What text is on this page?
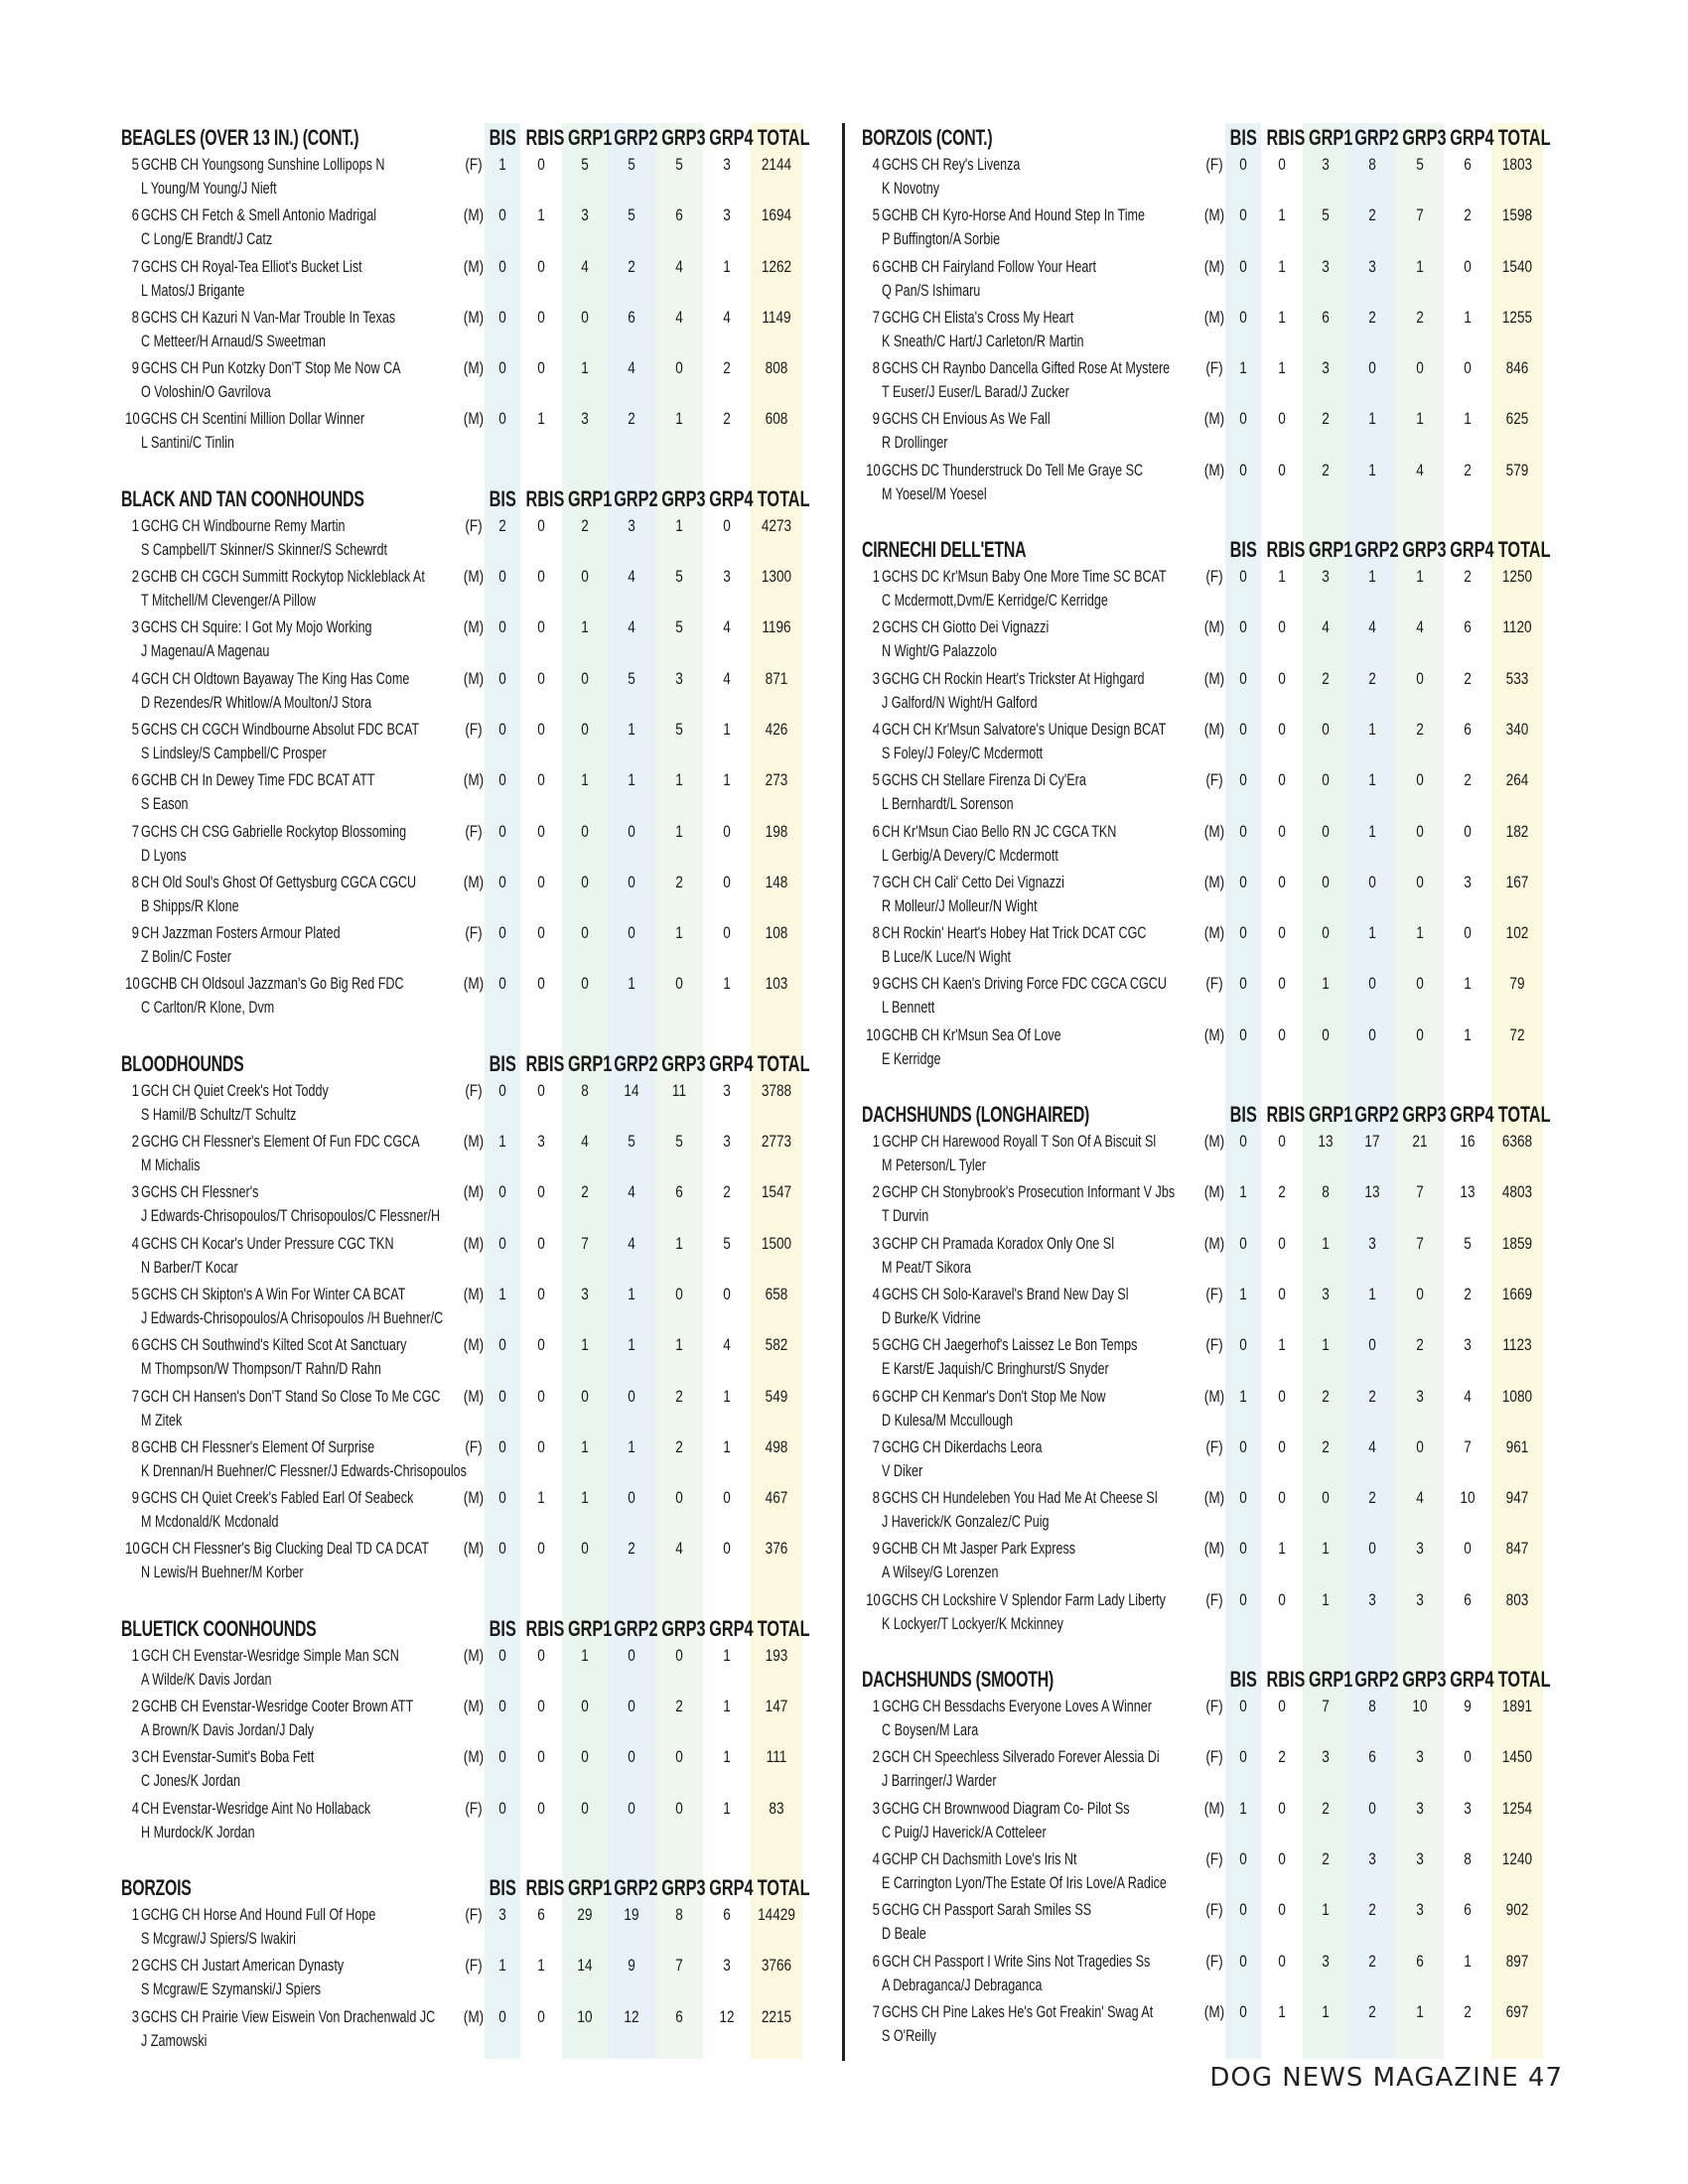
BEAGLES (OVER 13 IN.) (CONT.)	BIS RBIS GRP1 GRP2 GRP3 GRP4 TOTAL
5 GCHB CH Youngsong Sunshine Lollipops N
L Young/M Young/J Nieft
(F) 1	0	5	5	5	3	2144
6 GCHS CH Fetch & Smell Antonio Madrigal
C Long/E Brandt/J Catz
(M) 0	1	3	5	6	3	1694
7 GCHS CH Royal-Tea Elliot's Bucket List
L Matos/J Brigante
(M) 0	0	4	2	4	1	1262
8 GCHS CH Kazuri N Van-Mar Trouble In Texas
C Metteer/H Arnaud/S Sweetman
(M) 0	0	0	6	4	4	1149
9 GCHS CH Pun Kotzky Don'T Stop Me Now CA
O Voloshin/O Gavrilova
(M) 0	0	1	4	0	2	808
10 GCHS CH Scentini Million Dollar Winner
L Santini/C Tinlin
(M) 0	1	3	2	1	2	608
BLACK AND TAN COONHOUNDS	BIS RBIS GRP1 GRP2 GRP3 GRP4 TOTAL
1 GCHG CH Windbourne Remy Martin
S Campbell/T Skinner/S Skinner/S Schewrdt
(F) 2	0	2	3	1	0	4273
2 GCHB CH CGCH Summitt Rockytop Nickleblack At
T Mitchell/M Clevenger/A Pillow
(M) 0	0	0	4	5	3	1300
3 GCHS CH Squire: I Got My Mojo Working
J Magenau/A Magenau
(M) 0	0	1	4	5	4	1196
4 GCH CH Oldtown Bayaway The King Has Come
D Rezendes/R Whitlow/A Moulton/J Stora
(M) 0	0	0	5	3	4	871
5 GCHS CH CGCH Windbourne Absolut FDC BCAT
S Lindsley/S Campbell/C Prosper
(F) 0	0	0	1	5	1	426
6 GCHB CH In Dewey Time FDC BCAT ATT
S Eason
(M) 0	0	1	1	1	1	273
7 GCHS CH CSG Gabrielle Rockytop Blossoming
D Lyons
(F) 0	0	0	0	1	0	198
8 CH Old Soul's Ghost Of Gettysburg CGCA CGCU
B Shipps/R Klone
(M) 0	0	0	0	2	0	148
9 CH Jazzman Fosters Armour Plated
Z Bolin/C Foster
(F) 0	0	0	0	1	0	108
10 GCHB CH Oldsoul Jazzman's Go Big Red FDC
C Carlton/R Klone, Dvm
(M) 0	0	0	1	0	1	103
BLOODHOUNDS	BIS RBIS GRP1 GRP2 GRP3 GRP4 TOTAL
1 GCH CH Quiet Creek's Hot Toddy
S Hamil/B Schultz/T Schultz
(F) 0	0	8	14	11	3	3788
2 GCHG CH Flessner's Element Of Fun FDC CGCA
M Michalis
(M) 1	3	4	5	5	3	2773
3 GCHS CH Flessner's
J Edwards-Chrisopoulos/T Chrisopoulos/C Flessner/H
(M) 0	0	2	4	6	2	1547
4 GCHS CH Kocar's Under Pressure CGC TKN
N Barber/T Kocar
(M) 0	0	7	4	1	5	1500
5 GCHS CH Skipton's A Win For Winter CA BCAT
J Edwards-Chrisopoulos/A Chrisopoulos /H Buehner/C
(M) 1	0	3	1	0	0	658
6 GCHS CH Southwind's Kilted Scot At Sanctuary
M Thompson/W Thompson/T Rahn/D Rahn
(M) 0	0	1	1	1	4	582
7 GCH CH Hansen's Don'T Stand So Close To Me CGC
M Zitek
(M) 0	0	0	0	2	1	549
8 GCHB CH Flessner's Element Of Surprise
K Drennan/H Buehner/C Flessner/J Edwards-Chrisopoulos
(F) 0	0	1	1	2	1	498
9 GCHS CH Quiet Creek's Fabled Earl Of Seabeck
M Mcdonald/K Mcdonald
(M) 0	1	1	0	0	0	467
10 GCH CH Flessner's Big Clucking Deal TD CA DCAT
N Lewis/H Buehner/M Korber
(M) 0	0	0	2	4	0	376
BLUETICK COONHOUNDS	BIS RBIS GRP1 GRP2 GRP3 GRP4 TOTAL
1 GCH CH Evenstar-Wesridge Simple Man SCN
A Wilde/K Davis Jordan
(M) 0	0	1	0	0	1	193
2 GCHB CH Evenstar-Wesridge Cooter Brown ATT
A Brown/K Davis Jordan/J Daly
(M) 0	0	0	0	2	1	147
3 CH Evenstar-Sumit's Boba Fett
C Jones/K Jordan
(M) 0	0	0	0	0	1	111
4 CH Evenstar-Wesridge Aint No Hollaback
H Murdock/K Jordan
(F) 0	0	0	0	0	1	83
BORZOIS	BIS RBIS GRP1 GRP2 GRP3 GRP4 TOTAL
1 GCHG CH Horse And Hound Full Of Hope
S Mcgraw/J Spiers/S Iwakiri
(F) 3	6	29	19	8	6	14429
2 GCHS CH Justart American Dynasty
S Mcgraw/E Szymanski/J Spiers
(F) 1	1	14	9	7	3	3766
3 GCHS CH Prairie View Eiswein Von Drachenwald JC
J Zamowski
(M) 0	0	10	12	6	12	2215
BORZOIS (CONT.)	BIS RBIS GRP1 GRP2 GRP3 GRP4 TOTAL
4 GCHS CH Rey's Livenza
K Novotny
(F) 0	0	3	8	5	6	1803
5 GCHB CH Kyro-Horse And Hound Step In Time
P Buffington/A Sorbie
(M) 0	1	5	2	7	2	1598
6 GCHB CH Fairyland Follow Your Heart
Q Pan/S Ishimaru
(M) 0	1	3	3	1	0	1540
7 GCHG CH Elista's Cross My Heart
K Sneath/C Hart/J Carleton/R Martin
(M) 0	1	6	2	2	1	1255
8 GCHS CH Raynbo Dancella Gifted Rose At Mystere
T Euser/J Euser/L Barad/J Zucker
(F) 1	1	3	0	0	0	846
9 GCHS CH Envious As We Fall
R Drollinger
(M) 0	0	2	1	1	1	625
10 GCHS DC Thunderstruck Do Tell Me Graye SC
M Yoesel/M Yoesel
(M) 0	0	2	1	4	2	579
CIRNECHI DELL'ETNA	BIS RBIS GRP1 GRP2 GRP3 GRP4 TOTAL
1 GCHS DC Kr'Msun Baby One More Time SC BCAT
C Mcdermott,Dvm/E Kerridge/C Kerridge
(F) 0	1	3	1	1	2	1250
2 GCHS CH Giotto Dei Vignazzi
N Wight/G Palazzolo
(M) 0	0	4	4	4	6	1120
3 GCHG CH Rockin Heart's Trickster At Highgard
J Galford/N Wight/H Galford
(M) 0	0	2	2	0	2	533
4 GCH CH Kr'Msun Salvatore's Unique Design BCAT
S Foley/J Foley/C Mcdermott
(M) 0	0	0	1	2	6	340
5 GCHS CH Stellare Firenza Di Cy'Era
L Bernhardt/L Sorenson
(F) 0	0	0	1	0	2	264
6 CH Kr'Msun Ciao Bello RN JC CGCA TKN
L Gerbig/A Devery/C Mcdermott
(M) 0	0	0	1	0	0	182
7 GCH CH Cali' Cetto Dei Vignazzi
R Molleur/J Molleur/N Wight
(M) 0	0	0	0	0	3	167
8 CH Rockin' Heart's Hobey Hat Trick DCAT CGC
B Luce/K Luce/N Wight
(M) 0	0	0	1	1	0	102
9 GCHS CH Kaen's Driving Force FDC CGCA CGCU
L Bennett
(F) 0	0	1	0	0	1	79
10 GCHB CH Kr'Msun Sea Of Love
E Kerridge
(M) 0	0	0	0	0	1	72
DACHSHUNDS (LONGHAIRED)	BIS RBIS GRP1 GRP2 GRP3 GRP4 TOTAL
1 GCHP CH Harewood Royall T Son Of A Biscuit Sl
M Peterson/L Tyler
(M) 0	0	13	17	21	16	6368
2 GCHP CH Stonybrook's Prosecution Informant V Jbs
T Durvin
(M) 1	2	8	13	7	13	4803
3 GCHP CH Pramada Koradox Only One Sl
M Peat/T Sikora
(M) 0	0	1	3	7	5	1859
4 GCHS CH Solo-Karavel's Brand New Day Sl
D Burke/K Vidrine
(F) 1	0	3	1	0	2	1669
5 GCHG CH Jaegerhof's Laissez Le Bon Temps
E Karst/E Jaquish/C Bringhurst/S Snyder
(F) 0	1	1	0	2	3	1123
6 GCHP CH Kenmar's Don't Stop Me Now
D Kulesa/M Mccullough
(M) 1	0	2	2	3	4	1080
7 GCHG CH Dikerdachs Leora
V Diker
(F) 0	0	2	4	0	7	961
8 GCHS CH Hundeleben You Had Me At Cheese Sl
J Haverick/K Gonzalez/C Puig
(M) 0	0	0	2	4	10	947
9 GCHB CH Mt Jasper Park Express
A Wilsey/G Lorenzen
(M) 0	1	1	0	3	0	847
10 GCHS CH Lockshire V Splendor Farm Lady Liberty
K Lockyer/T Lockyer/K Mckinney
(F) 0	0	1	3	3	6	803
DACHSHUNDS (SMOOTH)	BIS RBIS GRP1 GRP2 GRP3 GRP4 TOTAL
1 GCHG CH Bessdachs Everyone Loves A Winner
C Boysen/M Lara
(F) 0	0	7	8	10	9	1891
2 GCH CH Speechless Silverado Forever Alessia Di
J Barringer/J Warder
(F) 0	2	3	6	3	0	1450
3 GCHG CH Brownwood Diagram Co- Pilot Ss
C Puig/J Haverick/A Cotteleer
(M) 1	0	2	0	3	3	1254
4 GCHP CH Dachsmith Love's Iris Nt
E Carrington Lyon/The Estate Of Iris Love/A Radice
(F) 0	0	2	3	3	8	1240
5 GCHG CH Passport Sarah Smiles SS
D Beale
(F) 0	0	1	2	3	6	902
6 GCH CH Passport I Write Sins Not Tragedies Ss
A Debraganca/J Debraganca
(F) 0	0	3	2	6	1	897
7 GCHS CH Pine Lakes He's Got Freakin' Swag At
S O'Reilly
(M) 0	1	1	2	1	2	697
DOG NEWS MAGAZINE 47
